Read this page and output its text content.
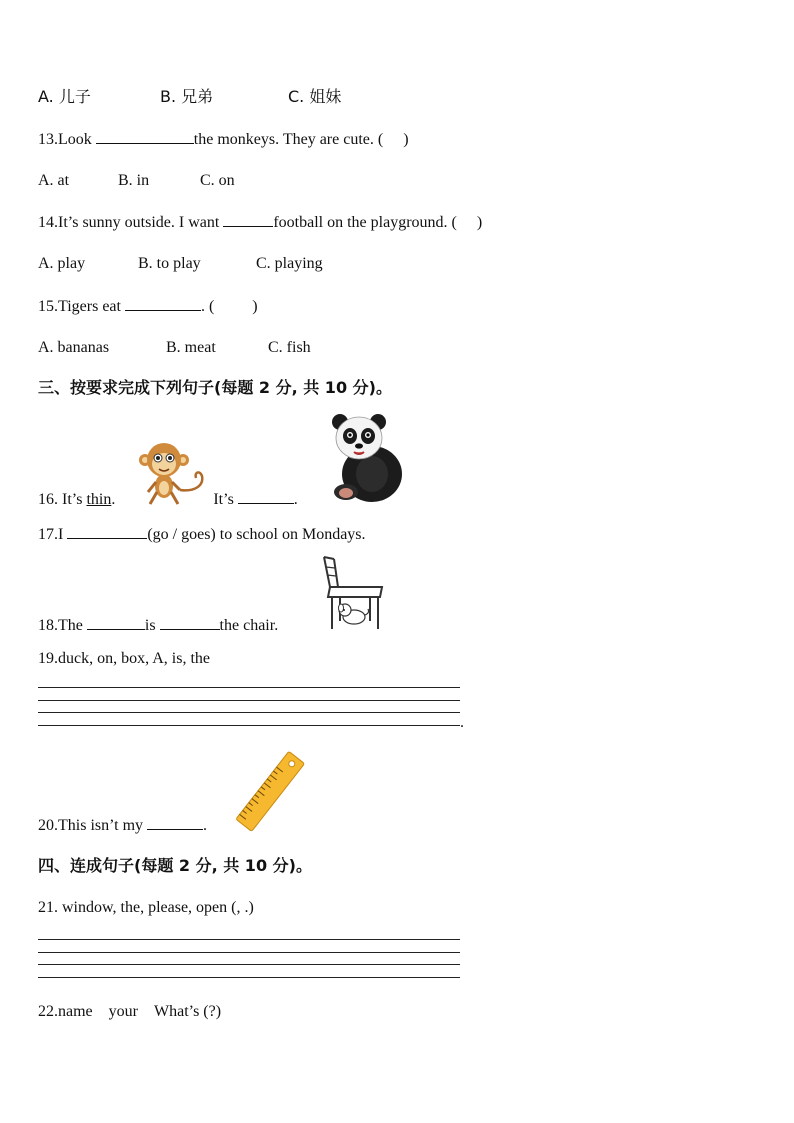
A. 儿子	B. 兄弟	C. 姐妹
13.Look	the monkeys. They are cute. ( )
A. at	B. in	C. on
14.It’s sunny outside. I want	football on the playground. ( )
A. play	B. to play	C. playing
15.Tigers eat	. ( )
A. bananas	B. meat	C. fish
三、按要求完成下列句子(每题 2 分, 共 10 分)。
16. It’s thin.	It’s	.
17.I	(go / goes) to school on Mondays.
18.The	is	the chair.
19.duck, on, box, A, is, the
.
20.This isn’t my	.
四、连成句子(每题 2 分, 共 10 分)。
21. window, the, please, open (, .)
22.name your What’s (?)
